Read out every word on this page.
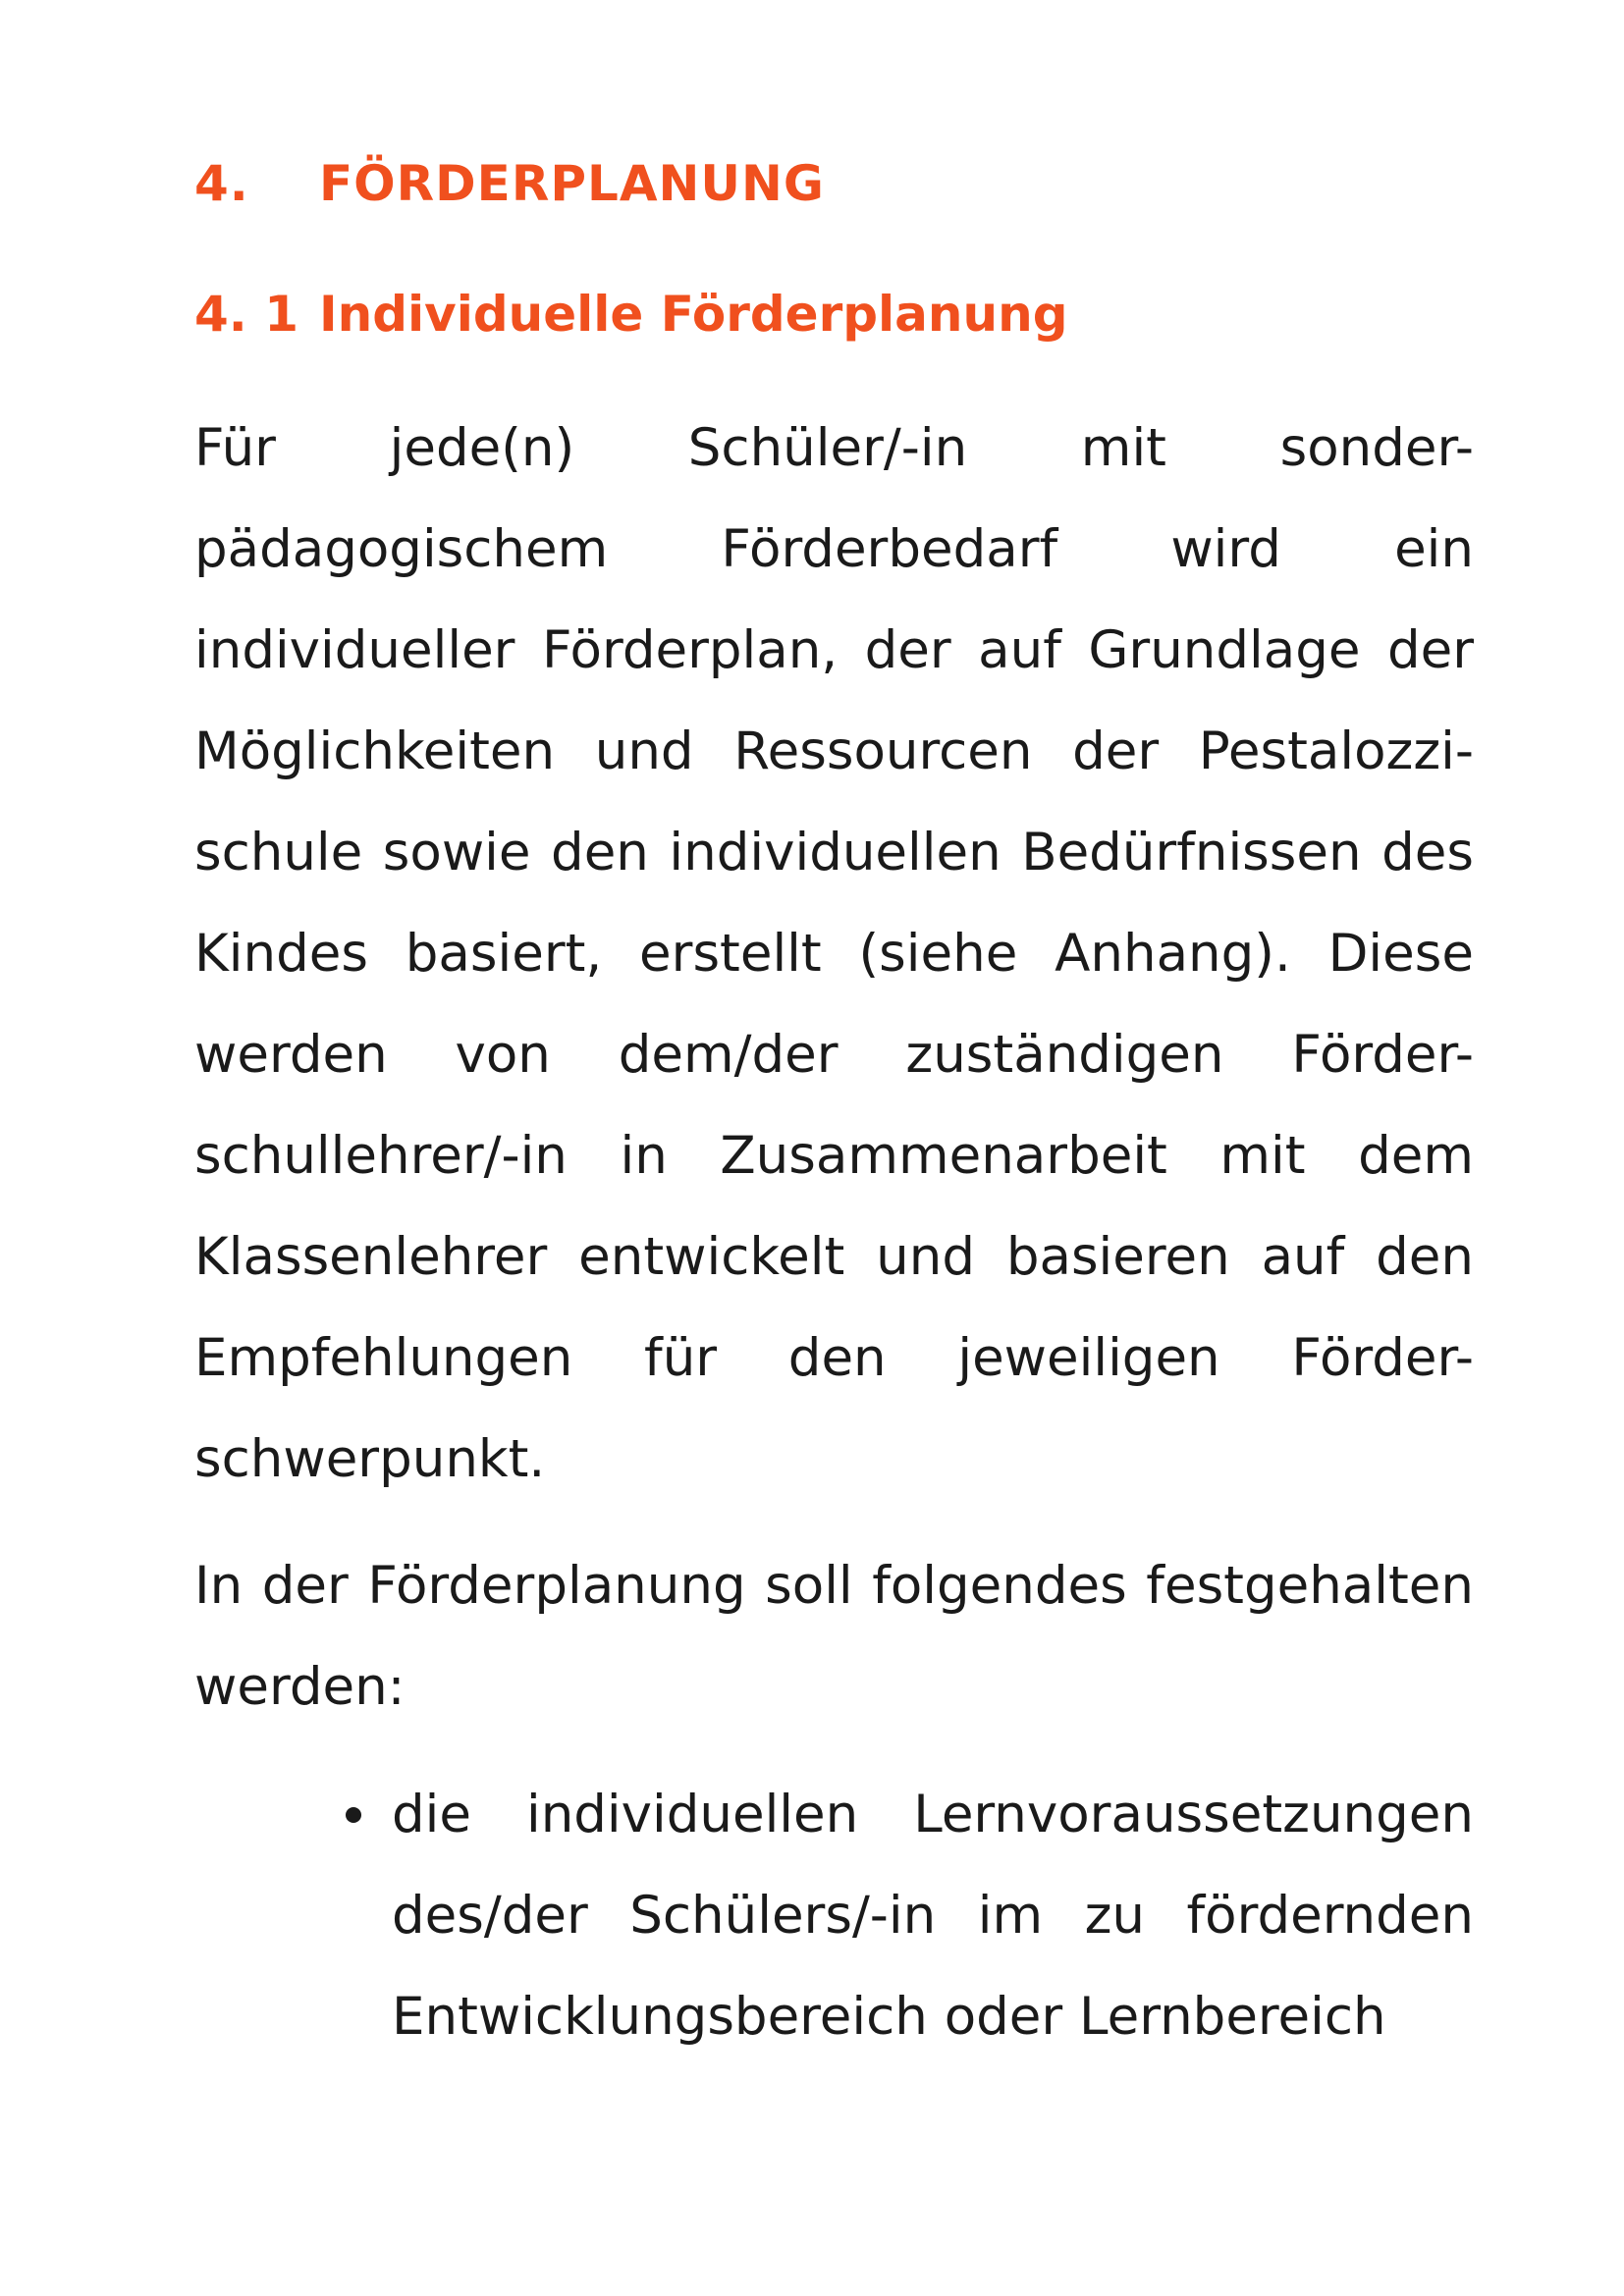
4. FÖRDERPLANUNG
4. 1 Individuelle Förderplanung

Für jede(n) Schüler/-in mit sonder-
pädagogischem Förderbedarf wird ein
individueller Förderplan, der auf Grundlage der
Möglichkeiten und Ressourcen der Pestalozzi-
schule sowie den individuellen Bedürfnissen des
Kindes basiert, erstellt (siehe Anhang). Diese
werden von dem/der zuständigen Förder-
schullehrer/-in in Zusammenarbeit mit dem
Klassenlehrer entwickelt und basieren auf den
Empfehlungen für den jeweiligen Förder-
schwerpunkt.

In der Förderplanung soll folgendes festgehalten
werden:

die individuellen Lernvoraussetzungen
des/der Schülers/-in im zu fördernden
Entwicklungsbereich oder Lernbereich
